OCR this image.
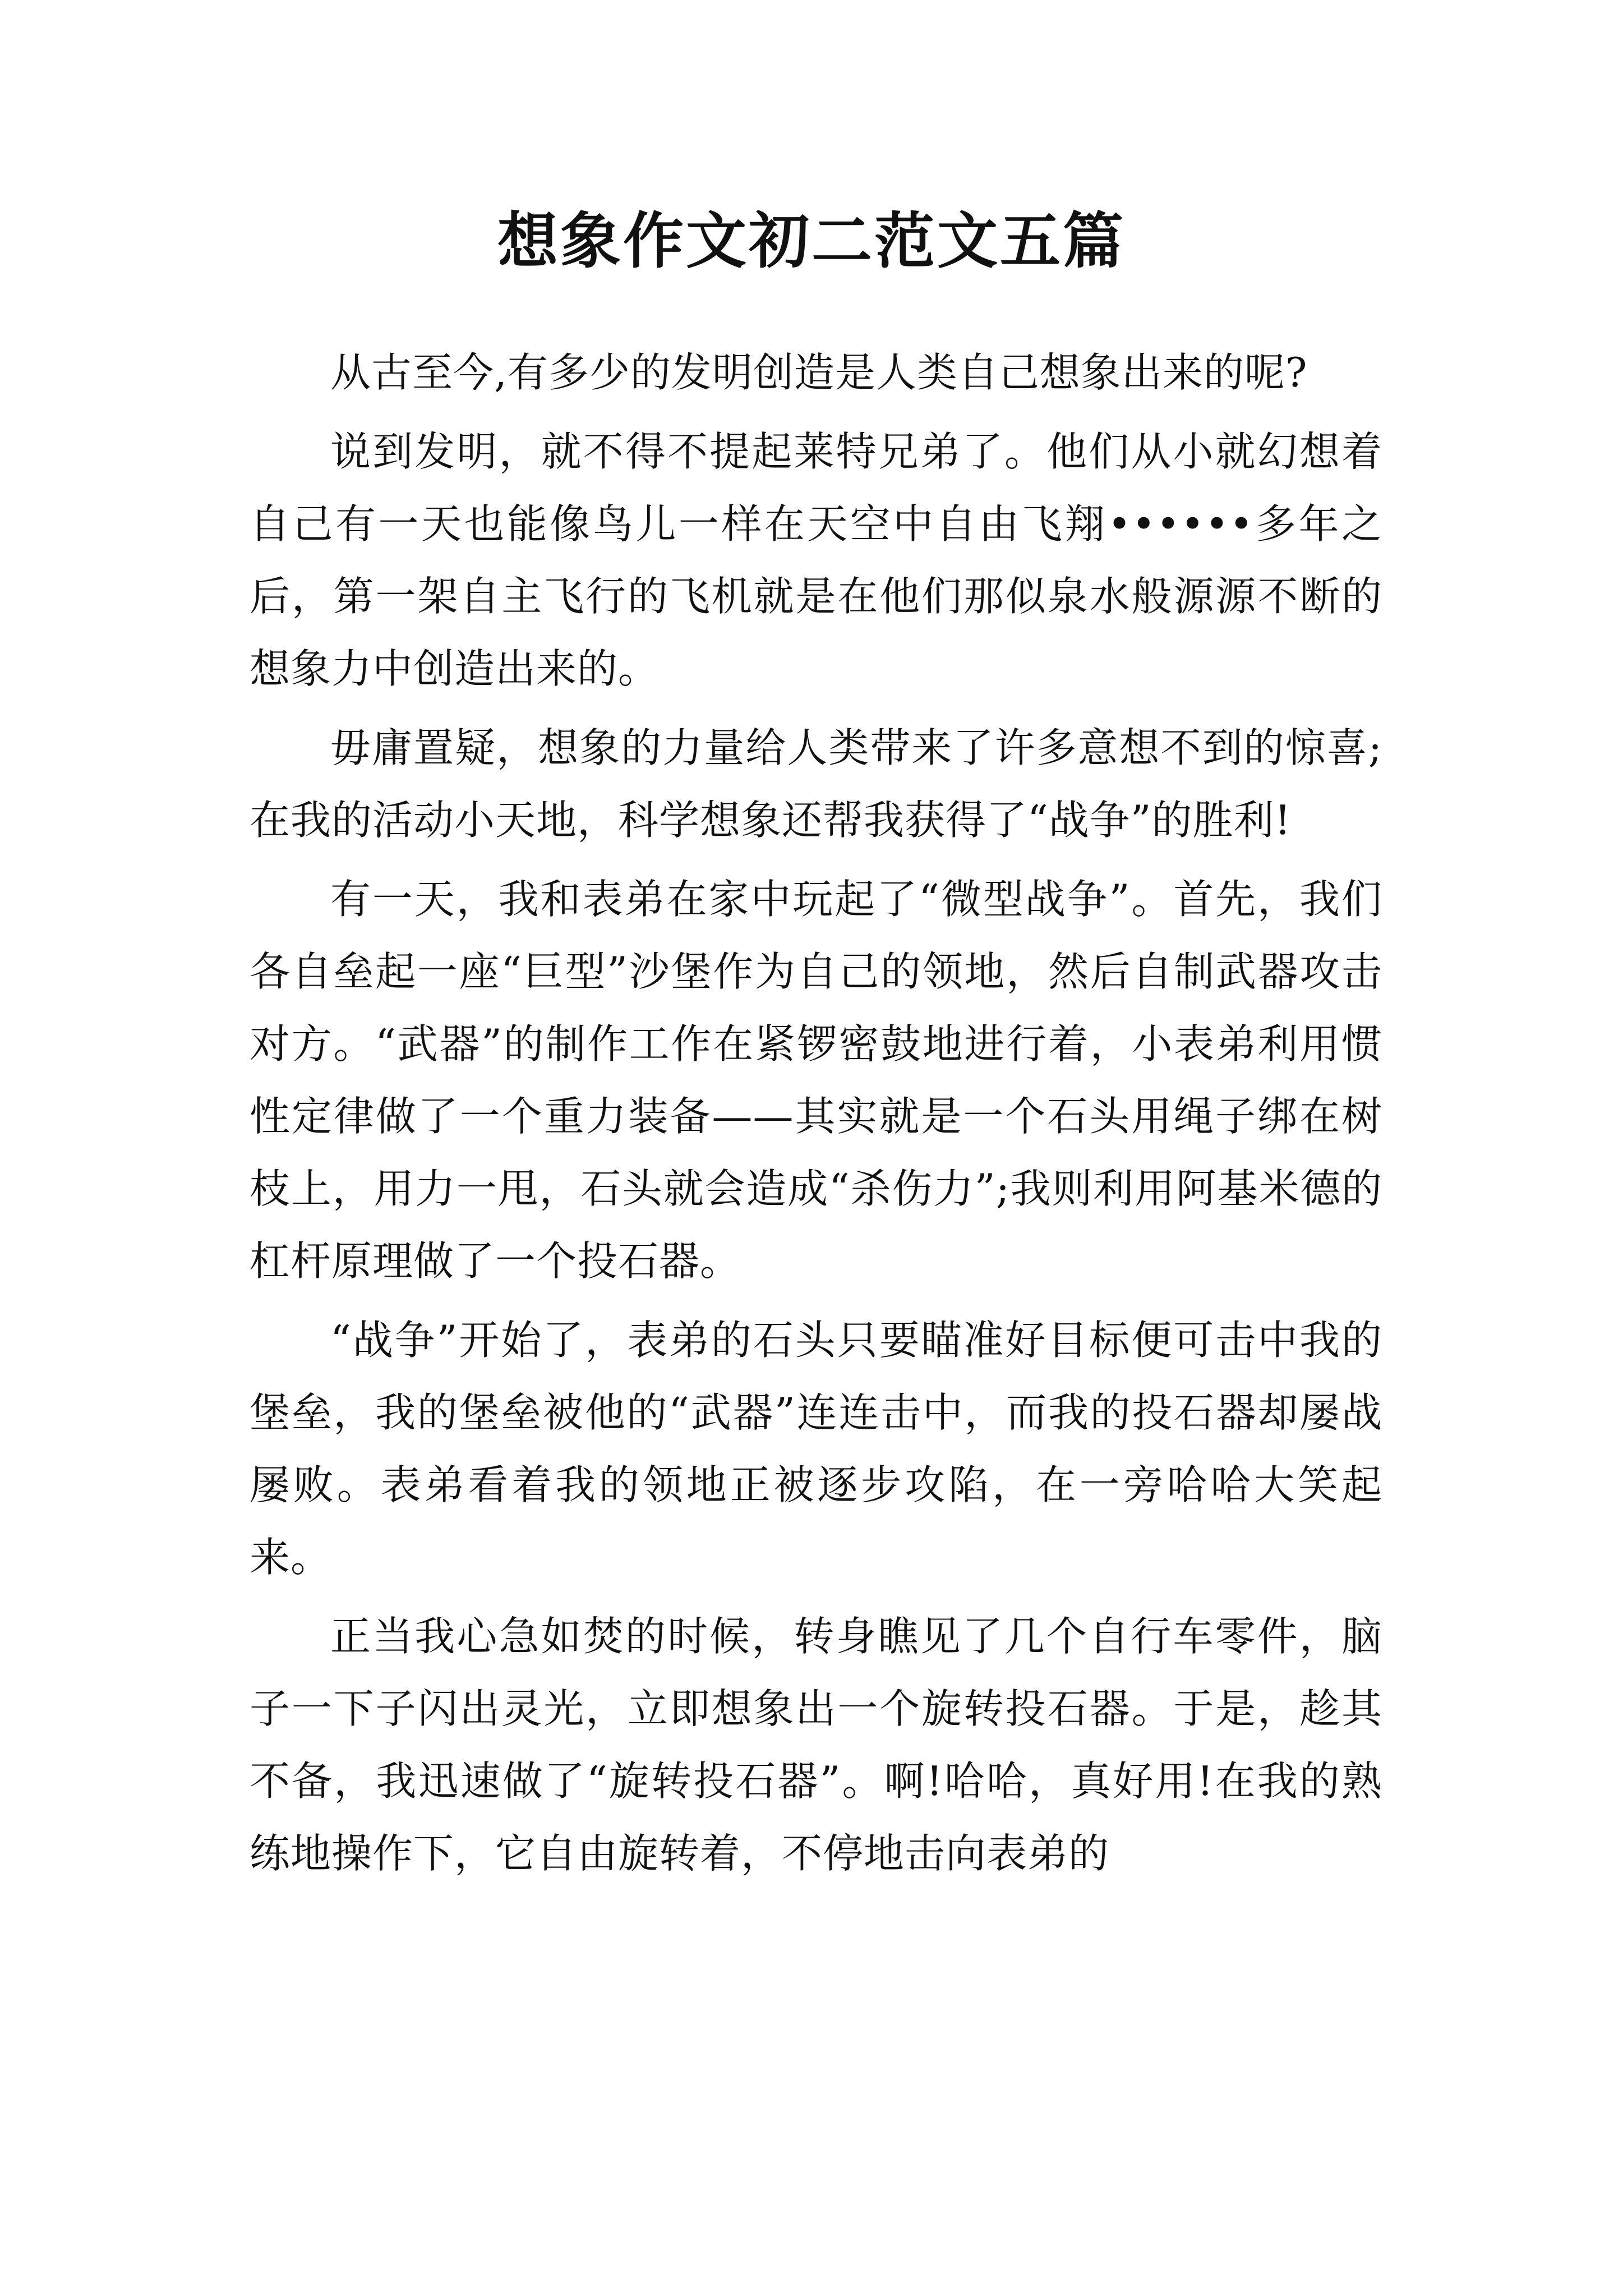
想象作文初二范文五篇

从古至今,有多少的发明创造是人类自己想象出来的呢?

说到发明，就不得不提起莱特兄弟了。他们从小就幻想着自己有一天也能像鸟儿一样在天空中自由飞翔••••••多年之后，第一架自主飞行的飞机就是在他们那似泉水般源源不断的想象力中创造出来的。

毋庸置疑，想象的力量给人类带来了许多意想不到的惊喜;在我的活动小天地，科学想象还帮我获得了“战争”的胜利!

有一天，我和表弟在家中玩起了“微型战争”。首先，我们各自垒起一座“巨型”沙堡作为自己的领地，然后自制武器攻击对方。“武器”的制作工作在紧锣密鼓地进行着，小表弟利用惯性定律做了一个重力装备——其实就是一个石头用绳子绑在树枝上，用力一甩，石头就会造成“杀伤力”;我则利用阿基米德的杠杆原理做了一个投石器。

“战争”开始了，表弟的石头只要瞄准好目标便可击中我的堡垒，我的堡垒被他的“武器”连连击中，而我的投石器却屡战屡败。表弟看着我的领地正被逐步攻陷，在一旁哈哈大笑起来。

正当我心急如焚的时候，转身瞧见了几个自行车零件，脑子一下子闪出灵光，立即想象出一个旋转投石器。于是，趁其不备，我迅速做了“旋转投石器”。啊!哈哈，真好用!在我的熟练地操作下，它自由旋转着，不停地击向表弟的
